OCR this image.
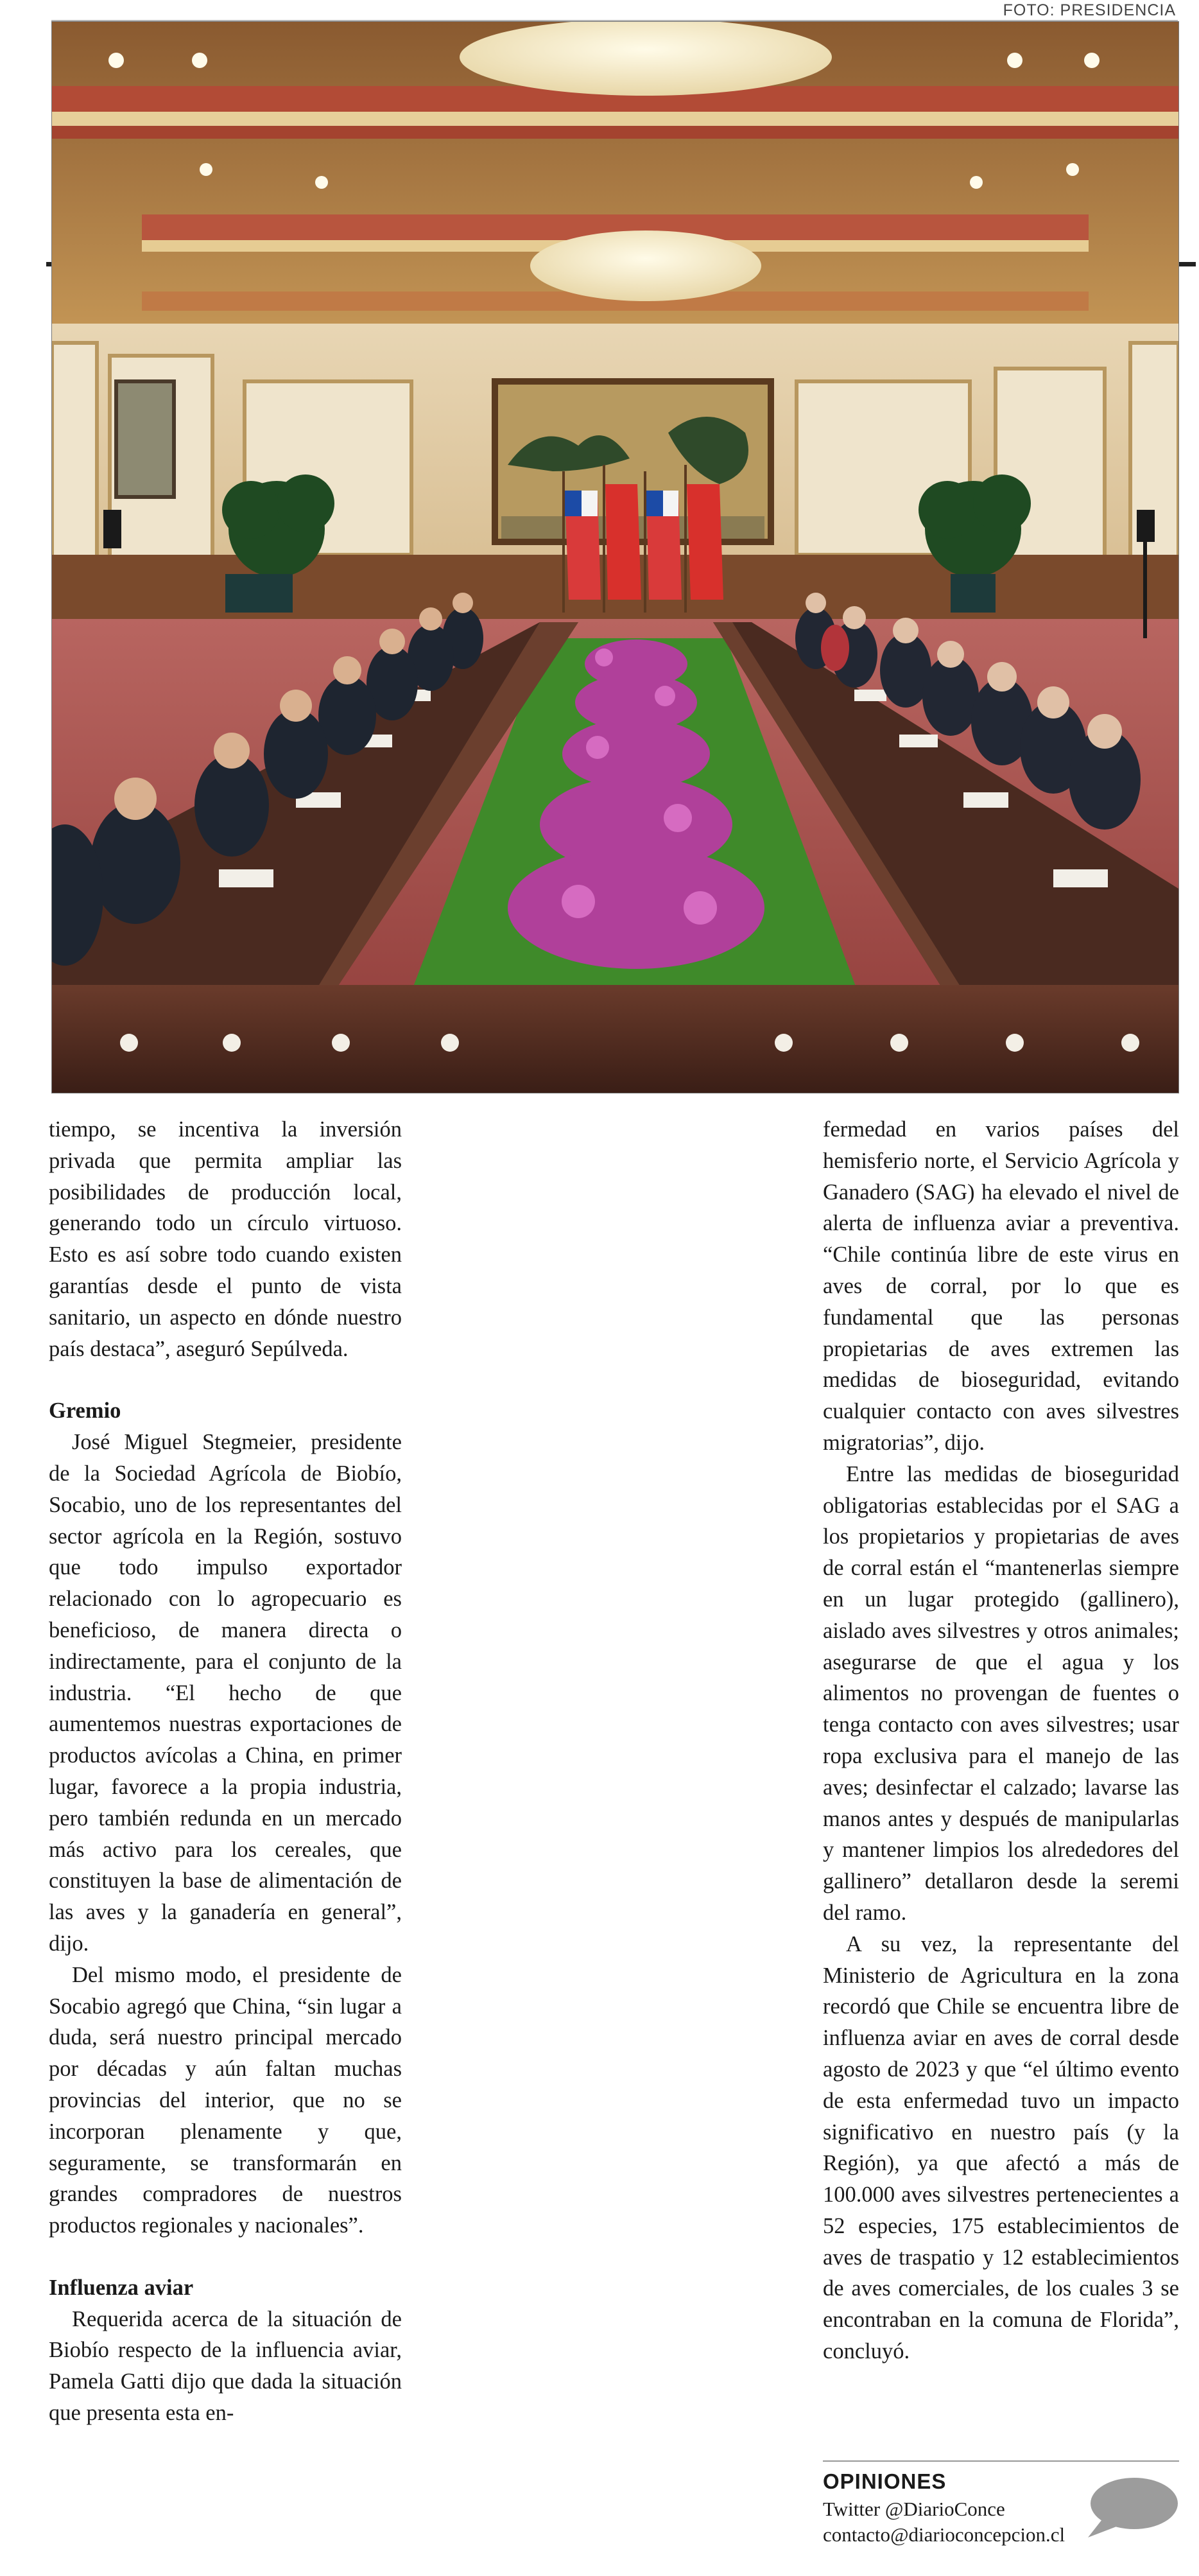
FOTO: PRESIDENCIA

tiempo, se incentiva la inversión privada que permita ampliar las posibilidades de producción local, generando todo un círculo virtuoso. Esto es así sobre todo cuando existen garantías desde el punto de vista sanitario, un aspecto en dónde nuestro país destaca”, aseguró Sepúlveda.

Gremio

José Miguel Stegmeier, presidente de la Sociedad Agrícola de Biobío, Socabio, uno de los representantes del sector agrícola en la Región, sostuvo que todo impulso exportador relacionado con lo agropecuario es beneficioso, de manera directa o indirectamente, para el conjunto de la industria. “El hecho de que aumentemos nuestras exportaciones de productos avícolas a China, en primer lugar, favorece a la propia industria, pero también redunda en un mercado más activo para los cereales, que constituyen la base de alimentación de las aves y la ganadería en general”, dijo.

Del mismo modo, el presidente de Socabio agregó que China, “sin lugar a duda, será nuestro principal mercado por décadas y aún faltan muchas provincias del interior, que no se incorporan plenamente y que, seguramente, se transformarán en grandes compradores de nuestros productos regionales y nacionales”.

Influenza aviar

Requerida acerca de la situación de Biobío respecto de la influencia aviar, Pamela Gatti dijo que dada la situación que presenta esta en-

fermedad en varios países del hemisferio norte, el Servicio Agrícola y Ganadero (SAG) ha elevado el nivel de alerta de influenza aviar a preventiva. “Chile continúa libre de este virus en aves de corral, por lo que es fundamental que las personas propietarias de aves extremen las medidas de bioseguridad, evitando cualquier contacto con aves silvestres migratorias”, dijo.

Entre las medidas de bioseguridad obligatorias establecidas por el SAG a los propietarios y propietarias de aves de corral están el “mantenerlas siempre en un lugar protegido (gallinero), aislado aves silvestres y otros animales; asegurarse de que el agua y los alimentos no provengan de fuentes o tenga contacto con aves silvestres; usar ropa exclusiva para el manejo de las aves; desinfectar el calzado; lavarse las manos antes y después de manipularlas y mantener limpios los alrededores del gallinero” detallaron desde la seremi del ramo.

A su vez, la representante del Ministerio de Agricultura en la zona recordó que Chile se encuentra libre de influenza aviar en aves de corral desde agosto de 2023 y que “el último evento de esta enfermedad tuvo un impacto significativo en nuestro país (y la Región), ya que afectó a más de 100.000 aves silvestres pertenecientes a 52 especies, 175 establecimientos de aves de traspatio y 12 establecimientos de aves comerciales, de los cuales 3 se encontraban en la comuna de Florida”, concluyó.

OPINIONES
Twitter @DiarioConce
contacto@diarioconcepcion.cl
